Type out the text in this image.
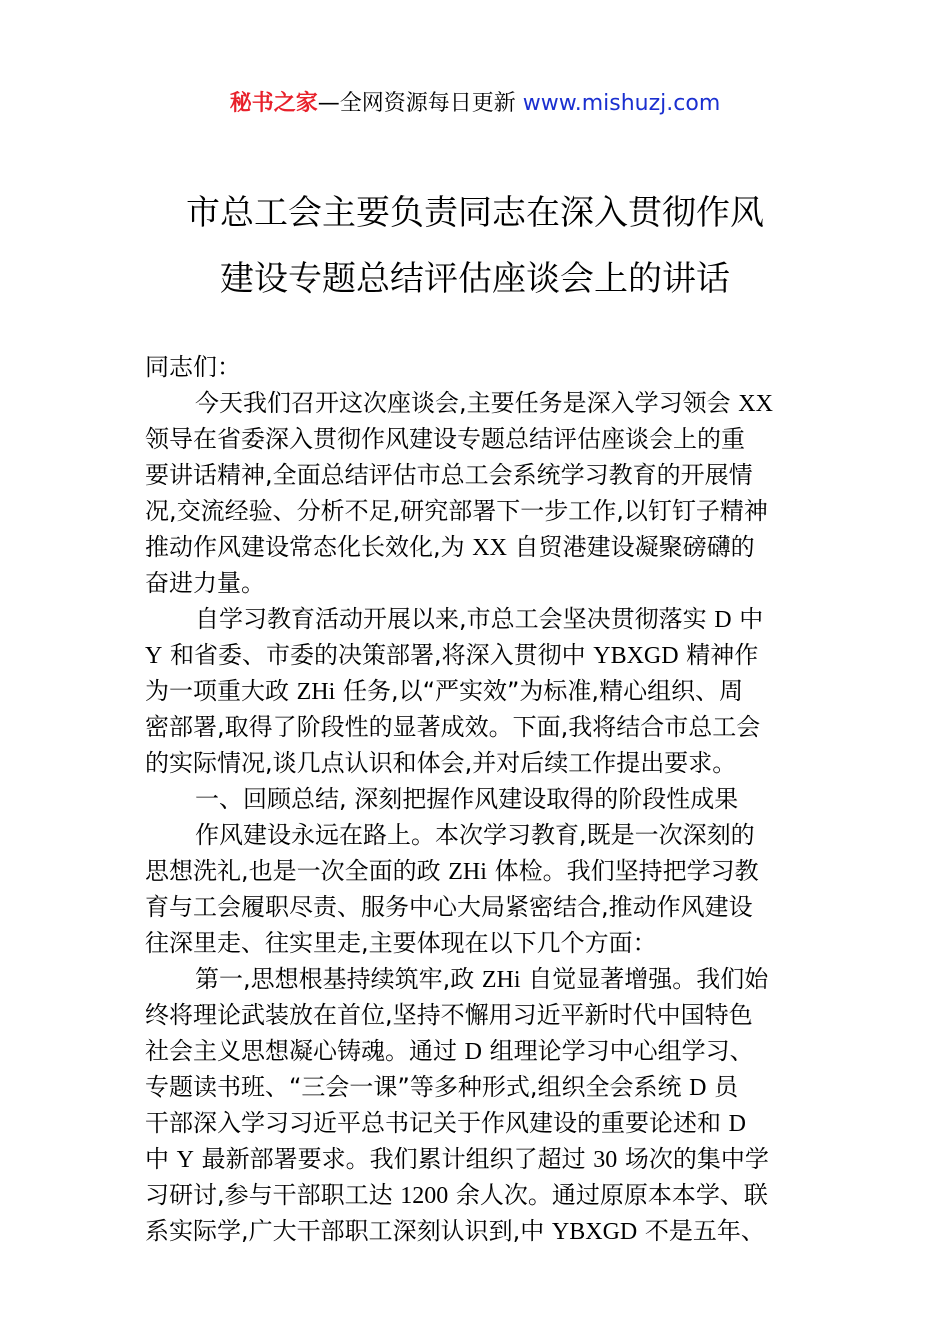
秘书之家—全网资源每日更新 www.mishuzj.com
市总工会主要负责同志在深入贯彻作风
建设专题总结评估座谈会上的讲话
同志们：
今天我们召开这次座谈会,主要任务是深入学习领会 XX
领导在省委深入贯彻作风建设专题总结评估座谈会上的重
要讲话精神,全面总结评估市总工会系统学习教育的开展情
况,交流经验、分析不足,研究部署下一步工作,以钉钉子精神
推动作风建设常态化长效化,为 XX 自贸港建设凝聚磅礴的
奋进力量。
自学习教育活动开展以来,市总工会坚决贯彻落实 D 中
Y 和省委、市委的决策部署,将深入贯彻中 YBXGD 精神作
为一项重大政 ZHi 任务,以“严实效”为标准,精心组织、周
密部署,取得了阶段性的显著成效。下面,我将结合市总工会
的实际情况,谈几点认识和体会,并对后续工作提出要求。
一、回顾总结, 深刻把握作风建设取得的阶段性成果
作风建设永远在路上。本次学习教育,既是一次深刻的
思想洗礼,也是一次全面的政 ZHi 体检。我们坚持把学习教
育与工会履职尽责、服务中心大局紧密结合,推动作风建设
往深里走、往实里走,主要体现在以下几个方面：
第一,思想根基持续筑牢,政 ZHi 自觉显著增强。我们始
终将理论武装放在首位,坚持不懈用习近平新时代中国特色
社会主义思想凝心铸魂。通过 D 组理论学习中心组学习、
专题读书班、“三会一课”等多种形式,组织全会系统 D 员
干部深入学习习近平总书记关于作风建设的重要论述和 D
中 Y 最新部署要求。我们累计组织了超过 30 场次的集中学
习研讨,参与干部职工达 1200 余人次。通过原原本本学、联
系实际学,广大干部职工深刻认识到,中 YBXGD 不是五年、
